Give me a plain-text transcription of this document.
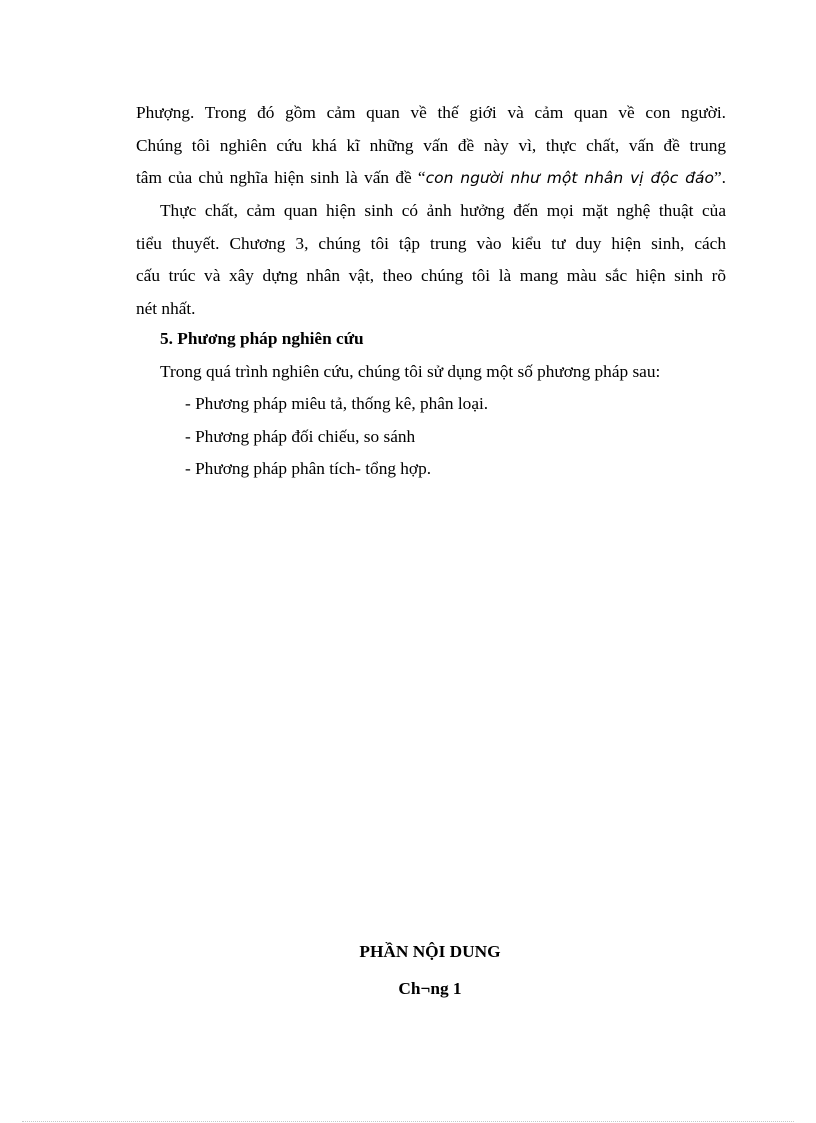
Phượng. Trong đó gồm cảm quan về thế giới và cảm quan về con người.
Chúng tôi nghiên cứu khá kĩ những vấn đề này vì, thực chất, vấn đề trung
tâm của chủ nghĩa hiện sinh là vấn đề “con người như một nhân vị độc đáo”.
Thực chất, cảm quan hiện sinh có ảnh hưởng đến mọi mặt nghệ thuật của
tiểu thuyết. Chương 3, chúng tôi tập trung vào kiểu tư duy hiện sinh, cách
cấu trúc và xây dựng nhân vật, theo chúng tôi là mang màu sắc hiện sinh rõ
nét nhất.
5. Phương pháp nghiên cứu
Trong quá trình nghiên cứu, chúng tôi sử dụng một số phương pháp sau:
- Phương pháp miêu tả, thống kê, phân loại.
- Phương pháp đối chiếu, so sánh
- Phương pháp phân tích- tổng hợp.
PHẦN NỘI DUNG
Ch¬ng 1
